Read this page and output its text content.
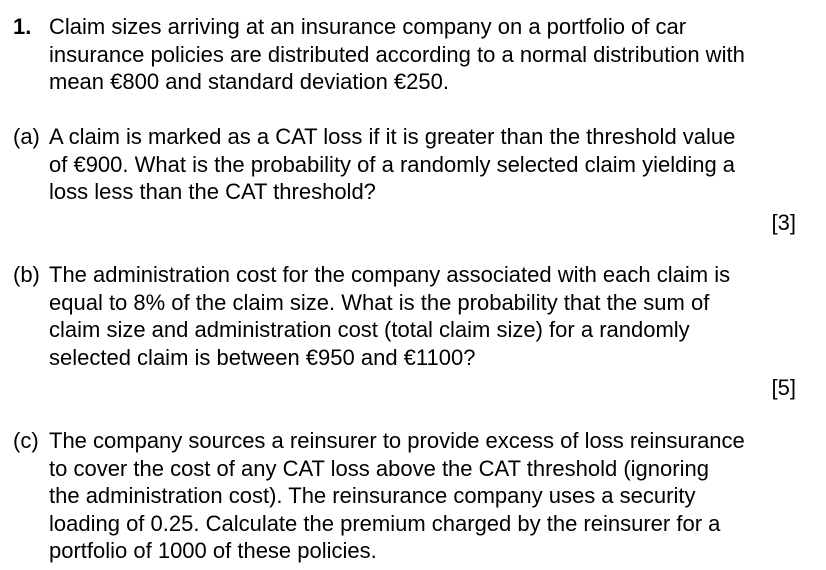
1. Claim sizes arriving at an insurance company on a portfolio of car
insurance policies are distributed according to a normal distribution with
mean €800 and standard deviation €250.

(a) A claim is marked as a CAT loss if it is greater than the threshold value
of €900. What is the probability of a randomly selected claim yielding a
loss less than the CAT threshold?

[3]
(b) The administration cost for the company associated with each claim is
equal to 8% of the claim size. What is the probability that the sum of
claim size and administration cost (total claim size) for a randomly
selected claim is between €950 and €1100?

[5]
(c) The company sources a reinsurer to provide excess of loss reinsurance
to cover the cost of any CAT loss above the CAT threshold (ignoring
the administration cost). The reinsurance company uses a security
loading of 0.25. Calculate the premium charged by the reinsurer for a
portfolio of 1000 of these policies.
